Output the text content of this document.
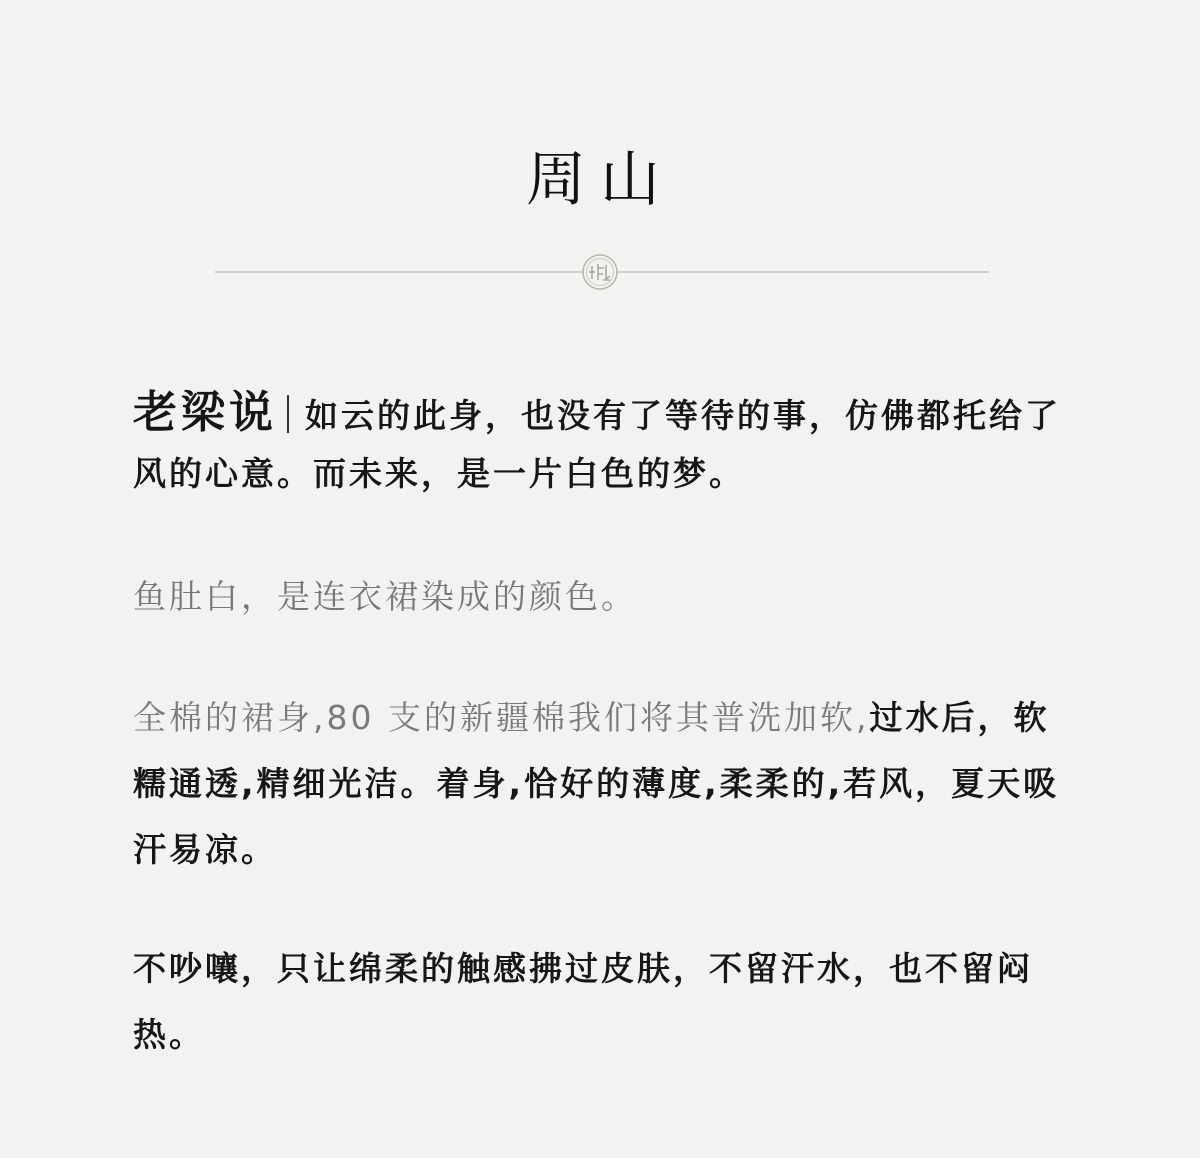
周山

老梁说 如云的此身，也没有了等待的事，仿佛都托给了风的心意。而未来，是一片白色的梦。

鱼肚白，是连衣裙染成的颜色。

全棉的裙身,80 支的新疆棉我们将其普洗加软,过水后，软糯通透,精细光洁。着身,恰好的薄度,柔柔的,若风，夏天吸汗易凉。

不吵嚷，只让绵柔的触感拂过皮肤，不留汗水，也不留闷热。
